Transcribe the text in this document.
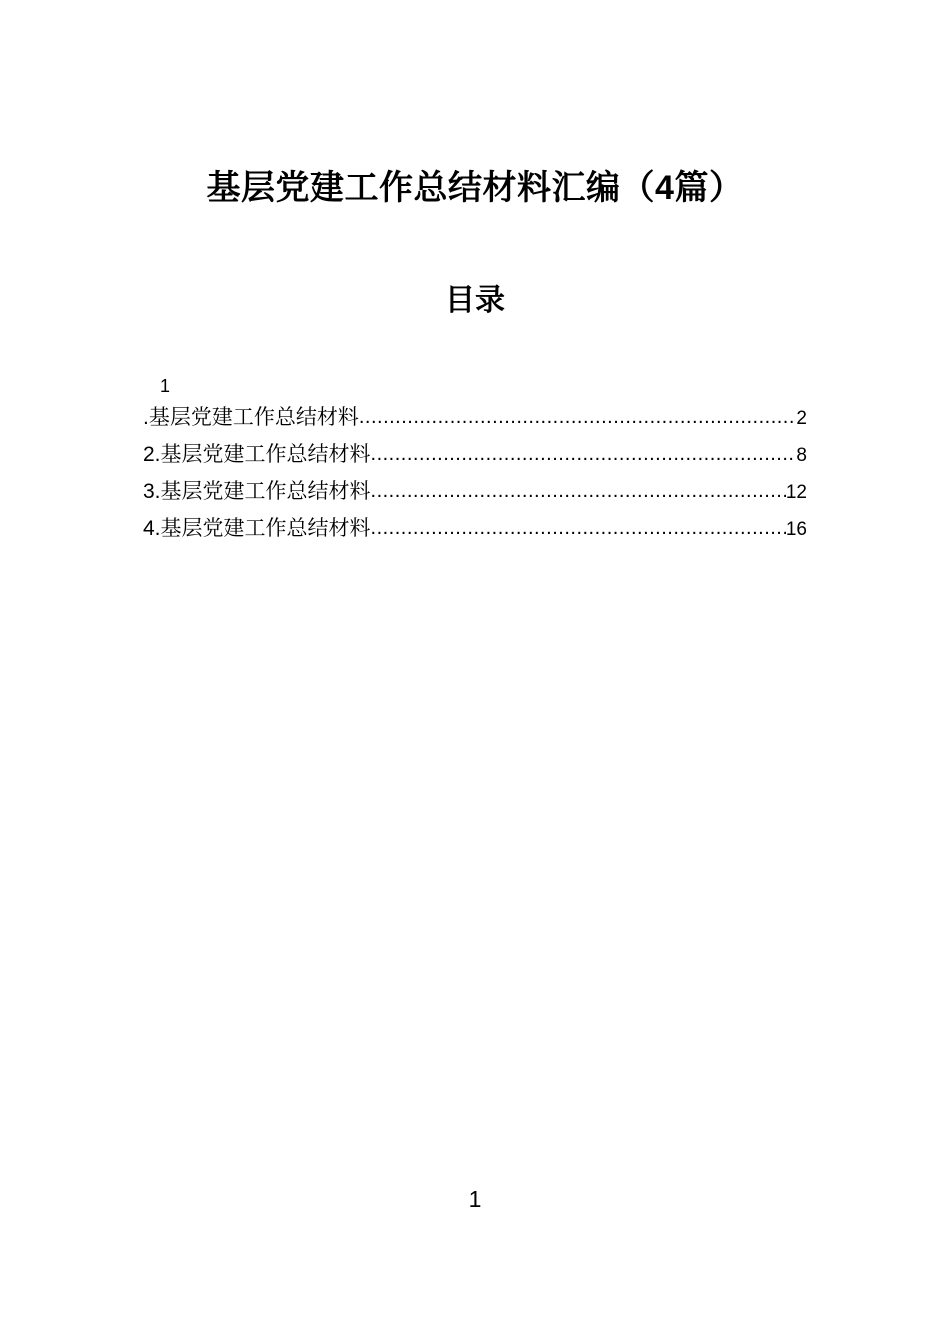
基层党建工作总结材料汇编（4篇）
目录
1
.基层党建工作总结材料 .....	2
2.基层党建工作总结材料 .....	8
3.基层党建工作总结材料 .....	12
4.基层党建工作总结材料 .....	16
1
